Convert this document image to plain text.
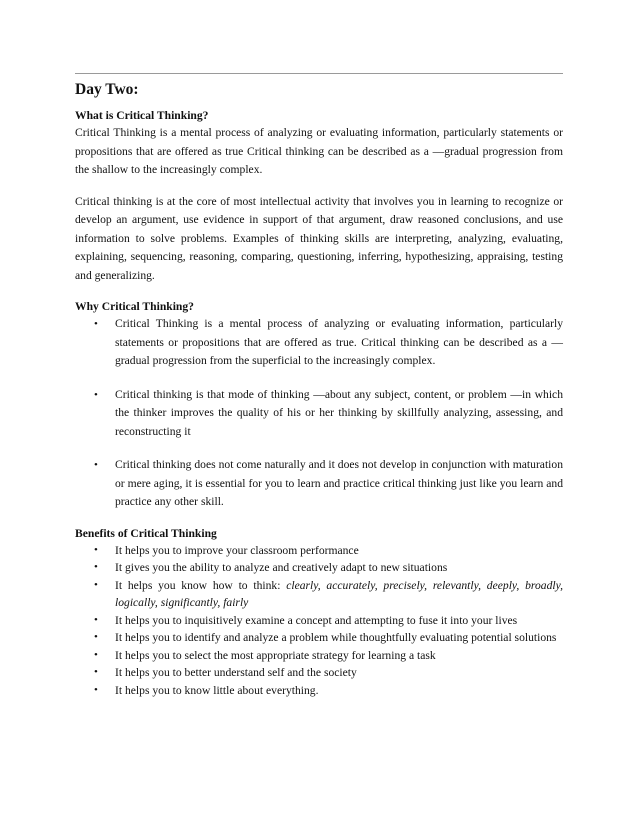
Day Two:
What is Critical Thinking?

Critical Thinking is a mental process of analyzing or evaluating information, particularly statements or propositions that are offered as true Critical thinking can be described as a —gradual progression from the shallow to the increasingly complex.

Critical thinking is at the core of most intellectual activity that involves you in learning to recognize or develop an argument, use evidence in support of that argument, draw reasoned conclusions, and use information to solve problems. Examples of thinking skills are interpreting, analyzing, evaluating, explaining, sequencing, reasoning, comparing, questioning, inferring, hypothesizing, appraising, testing and generalizing.

Why Critical Thinking?
• Critical Thinking is a mental process of analyzing or evaluating information, particularly statements or propositions that are offered as true. Critical thinking can be described as a —gradual progression from the superficial to the increasingly complex.
• Critical thinking is that mode of thinking —about any subject, content, or problem —in which the thinker improves the quality of his or her thinking by skillfully analyzing, assessing, and reconstructing it
• Critical thinking does not come naturally and it does not develop in conjunction with maturation or mere aging, it is essential for you to learn and practice critical thinking just like you learn and practice any other skill.
Benefits of Critical Thinking
• It helps you to improve your classroom performance
• It gives you the ability to analyze and creatively adapt to new situations
• It helps you know how to think: clearly, accurately, precisely, relevantly, deeply, broadly, logically, significantly, fairly
• It helps you to inquisitively examine a concept and attempting to fuse it into your lives
• It helps you to identify and analyze a problem while thoughtfully evaluating potential solutions
• It helps you to select the most appropriate strategy for learning a task
• It helps you to better understand self and the society
• It helps you to know little about everything.
